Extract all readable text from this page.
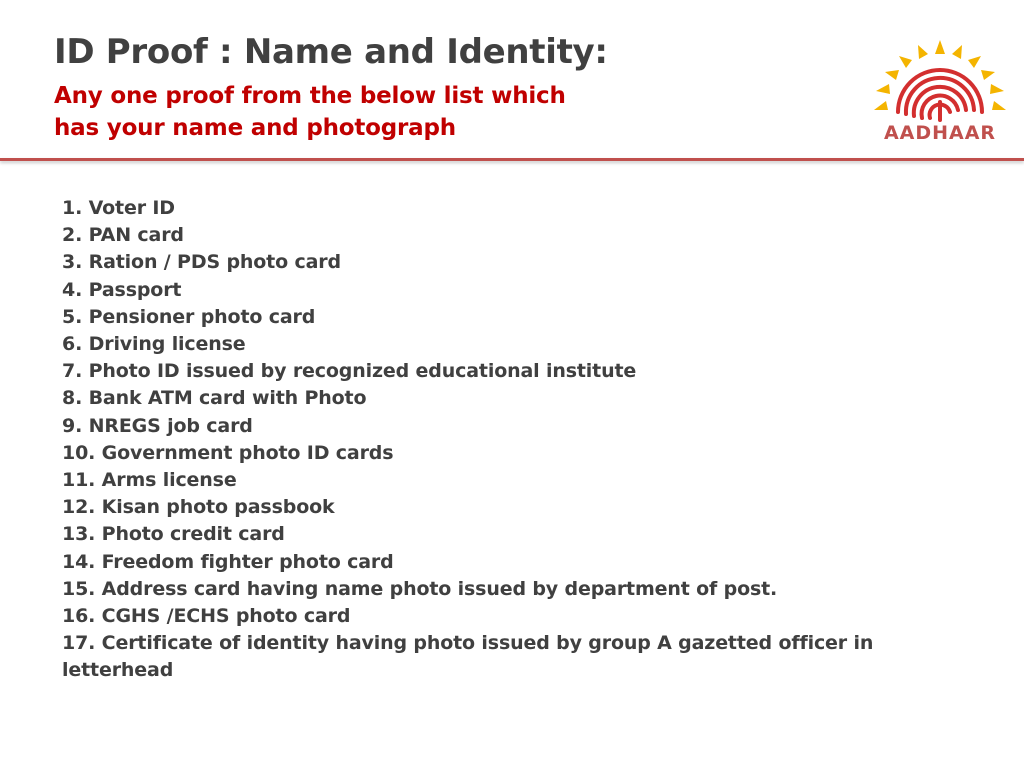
ID Proof : Name and Identity:
Any one proof from the below list which
has your name and photograph	AADHAAR
1. Voter ID
2. PAN card
3. Ration / PDS photo card
4. Passport
5. Pensioner photo card
6. Driving license
7. Photo ID issued by recognized educational institute
8. Bank ATM card with Photo
9. NREGS job card
10. Government photo ID cards
11. Arms license
12. Kisan photo passbook
13. Photo credit card
14. Freedom fighter photo card
15. Address card having name photo issued by department of post.
16. CGHS /ECHS photo card
17. Certificate of identity having photo issued by group A gazetted officer in letterhead
